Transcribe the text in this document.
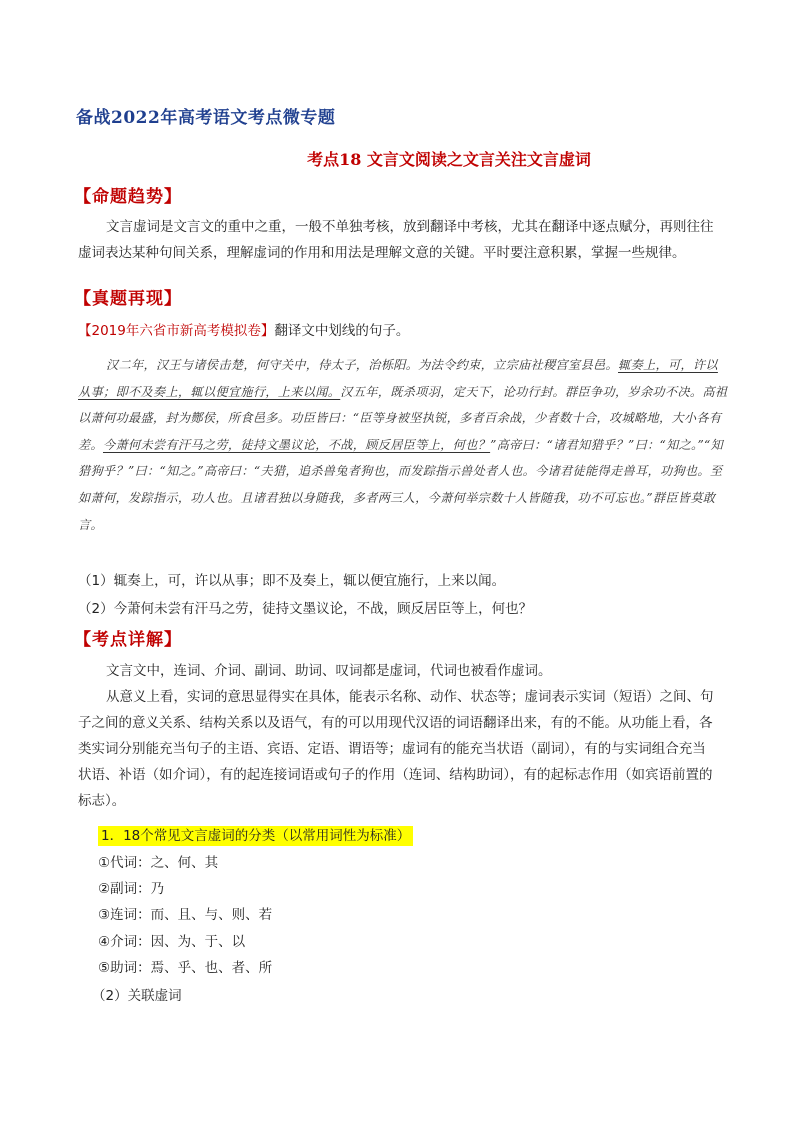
备战2022年高考语文考点微专题
考点18 文言文阅读之文言关注文言虚词
【命题趋势】
文言虚词是文言文的重中之重，一般不单独考核，放到翻译中考核，尤其在翻译中逐点赋分，再则往往虚词表达某种句间关系，理解虚词的作用和用法是理解文意的关键。平时要注意积累，掌握一些规律。
【真题再现】
【2019年六省市新高考模拟卷】翻译文中划线的句子。
汉二年，汉王与诸侯击楚，何守关中，侍太子，治栎阳。为法令约束，立宗庙社稷宫室县邑。辄奏上，可，许以从事；即不及奏上，辄以便宜施行，上来以闻。汉五年，既杀项羽，定天下，论功行封。群臣争功，岁余功不决。高祖以萧何功最盛，封为酂侯，所食邑多。功臣皆曰：“臣等身被坚执锐，多者百余战，少者数十合，攻城略地，大小各有差。今萧何未尝有汗马之劳，徒持文墨议论，不战，顾反居臣等上，何也？”高帝曰：“诸君知猎乎？”曰：“知之。”“知猎狗乎？”曰：“知之。”高帝曰：“夫猎，追杀兽兔者狗也，而发踪指示兽处者人也。今诸君徒能得走兽耳，功狗也。至如萧何，发踪指示，功人也。且诸君独以身随我，多者两三人，今萧何举宗数十人皆随我，功不可忘也。”群臣皆莫敢言。
（1）辄奏上，可，许以从事；即不及奏上，辄以便宜施行，上来以闻。
（2）今萧何未尝有汗马之劳，徒持文墨议论，不战，顾反居臣等上，何也？
【考点详解】
文言文中，连词、介词、副词、助词、叹词都是虚词，代词也被看作虚词。
从意义上看，实词的意思显得实在具体，能表示名称、动作、状态等；虚词表示实词（短语）之间、句子之间的意义关系、结构关系以及语气，有的可以用现代汉语的词语翻译出来，有的不能。从功能上看，各类实词分别能充当句子的主语、宾语、定语、谓语等；虚词有的能充当状语（副词），有的与实词组合充当状语、补语（如介词），有的起连接词语或句子的作用（连词、结构助词），有的起标志作用（如宾语前置的标志）。
1．18个常见文言虚词的分类（以常用词性为标准）
①代词：之、何、其
②副词：乃
③连词：而、且、与、则、若
④介词：因、为、于、以
⑤助词：焉、乎、也、者、所
（2）关联虚词
